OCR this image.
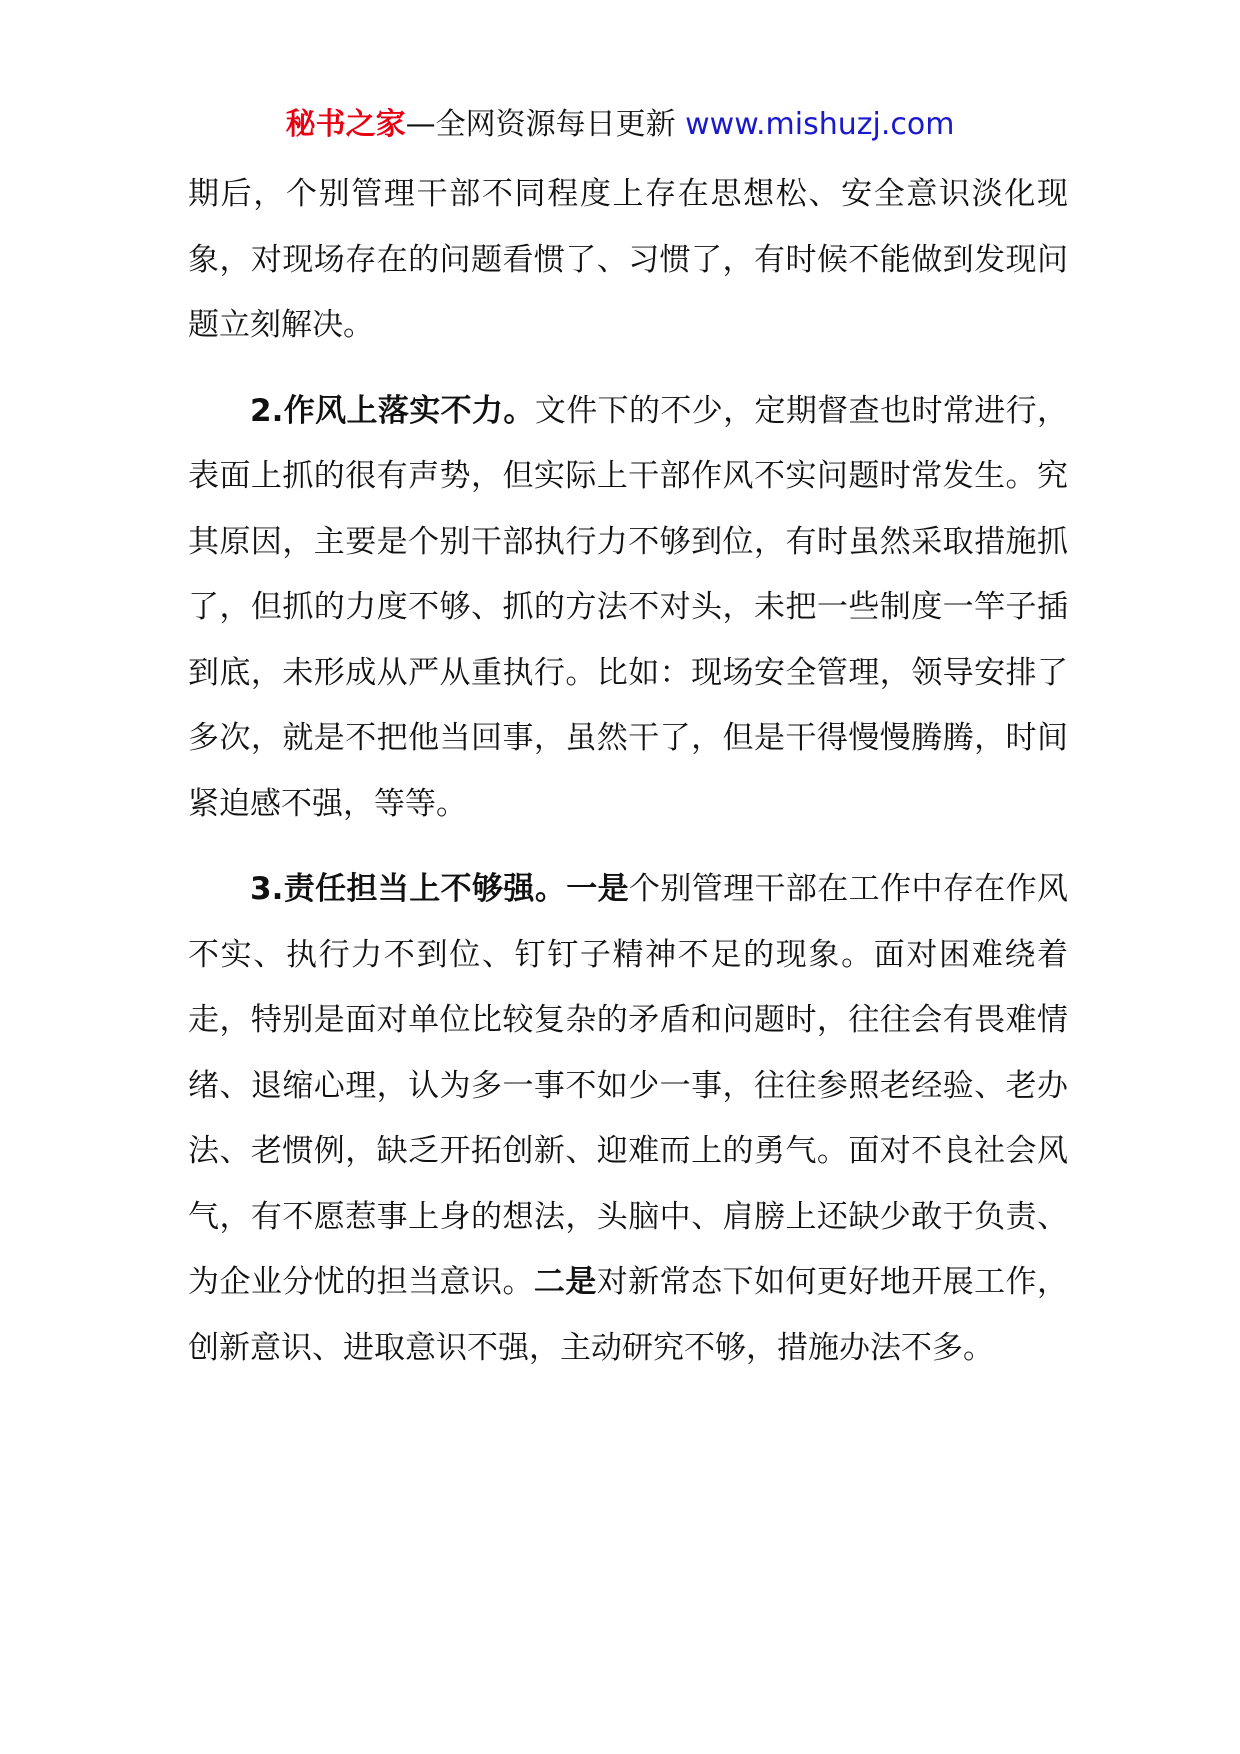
秘书之家—全网资源每日更新 www.mishuzj.com

期后，个别管理干部不同程度上存在思想松、安全意识淡化现象，对现场存在的问题看惯了、习惯了，有时候不能做到发现问题立刻解决。

2.作风上落实不力。文件下的不少，定期督查也时常进行，表面上抓的很有声势，但实际上干部作风不实问题时常发生。究其原因，主要是个别干部执行力不够到位，有时虽然采取措施抓了，但抓的力度不够、抓的方法不对头，未把一些制度一竿子插到底，未形成从严从重执行。比如：现场安全管理，领导安排了多次，就是不把他当回事，虽然干了，但是干得慢慢腾腾，时间紧迫感不强，等等。

3.责任担当上不够强。一是个别管理干部在工作中存在作风不实、执行力不到位、钉钉子精神不足的现象。面对困难绕着走，特别是面对单位比较复杂的矛盾和问题时，往往会有畏难情绪、退缩心理，认为多一事不如少一事，往往参照老经验、老办法、老惯例，缺乏开拓创新、迎难而上的勇气。面对不良社会风气，有不愿惹事上身的想法，头脑中、肩膀上还缺少敢于负责、为企业分忧的担当意识。二是对新常态下如何更好地开展工作，创新意识、进取意识不强，主动研究不够，措施办法不多。
